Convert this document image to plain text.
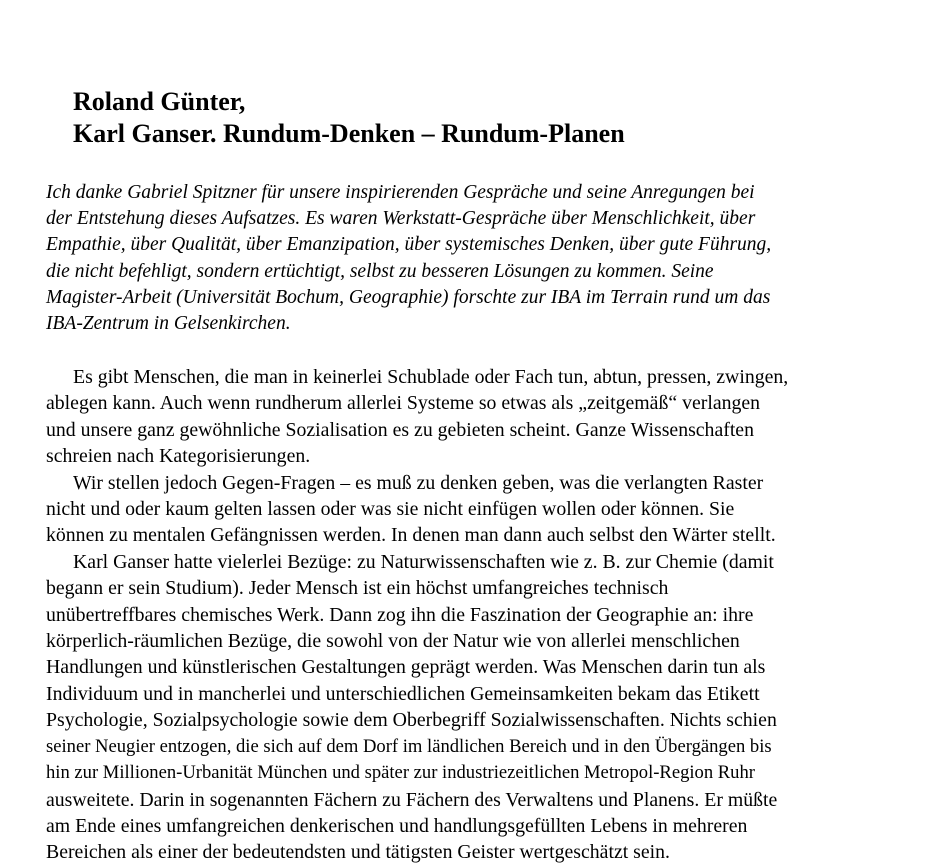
Roland Günter,
Karl Ganser. Rundum-Denken – Rundum-Planen

Ich danke Gabriel Spitzner für unsere inspirierenden Gespräche und seine Anregungen bei
der Entstehung dieses Aufsatzes. Es waren Werkstatt-Gespräche über Menschlichkeit, über
Empathie, über Qualität, über Emanzipation, über systemisches Denken, über gute Führung,
die nicht befehligt, sondern ertüchtigt, selbst zu besseren Lösungen zu kommen. Seine
Magister-Arbeit (Universität Bochum, Geographie) forschte zur IBA im Terrain rund um das
IBA-Zentrum in Gelsenkirchen.

Es gibt Menschen, die man in keinerlei Schublade oder Fach tun, abtun, pressen, zwingen,
ablegen kann. Auch wenn rundherum allerlei Systeme so etwas als „zeitgemäß“ verlangen
und unsere ganz gewöhnliche Sozialisation es zu gebieten scheint. Ganze Wissenschaften
schreien nach Kategorisierungen.
Wir stellen jedoch Gegen-Fragen – es muß zu denken geben, was die verlangten Raster
nicht und oder kaum gelten lassen oder was sie nicht einfügen wollen oder können. Sie
können zu mentalen Gefängnissen werden. In denen man dann auch selbst den Wärter stellt.
Karl Ganser hatte vielerlei Bezüge: zu Naturwissenschaften wie z. B. zur Chemie (damit
begann er sein Studium). Jeder Mensch ist ein höchst umfangreiches technisch
unübertreffbares chemisches Werk. Dann zog ihn die Faszination der Geographie an: ihre
körperlich-räumlichen Bezüge, die sowohl von der Natur wie von allerlei menschlichen
Handlungen und künstlerischen Gestaltungen geprägt werden. Was Menschen darin tun als
Individuum und in mancherlei und unterschiedlichen Gemeinsamkeiten bekam das Etikett
Psychologie, Sozialpsychologie sowie dem Oberbegriff Sozialwissenschaften. Nichts schien
seiner Neugier entzogen, die sich auf dem Dorf im ländlichen Bereich und in den Übergängen bis
hin zur Millionen-Urbanität München und später zur industriezeitlichen Metropol-Region Ruhr
ausweitete. Darin in sogenannten Fächern zu Fächern des Verwaltens und Planens. Er müßte
am Ende eines umfangreichen denkerischen und handlungsgefüllten Lebens in mehreren
Bereichen als einer der bedeutendsten und tätigsten Geister wertgeschätzt sein.
